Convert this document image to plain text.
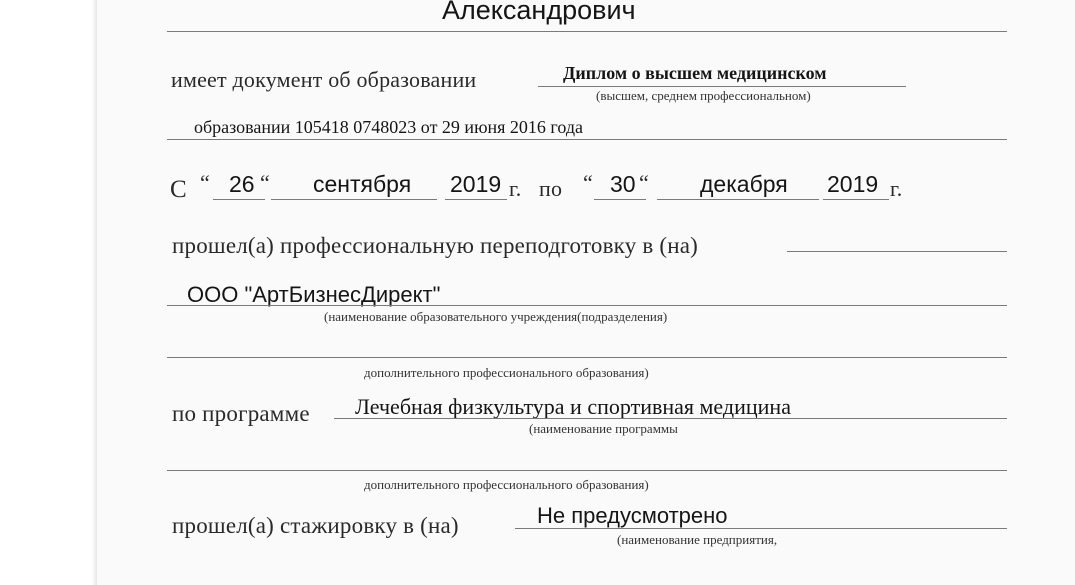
Александрович
имеет документ об образовании	Диплом о высшем медицинском
(высшем, среднем профессиональном)
образовании 105418 0748023 от 29 июня 2016 года
С “ 26 “ сентября 2019 г. по “ 30 “ декабря 2019 г.
прошел(а) профессиональную переподготовку в (на)
ООО "АртБизнесДирект"
(наименование образовательного учреждения(подразделения)
дополнительного профессионального образования)
по программе Лечебная физкультура и спортивная медицина
(наименование программы
дополнительного профессионального образования)
прошел(а) стажировку в (на)	Не предусмотрено
(наименование предприятия,
